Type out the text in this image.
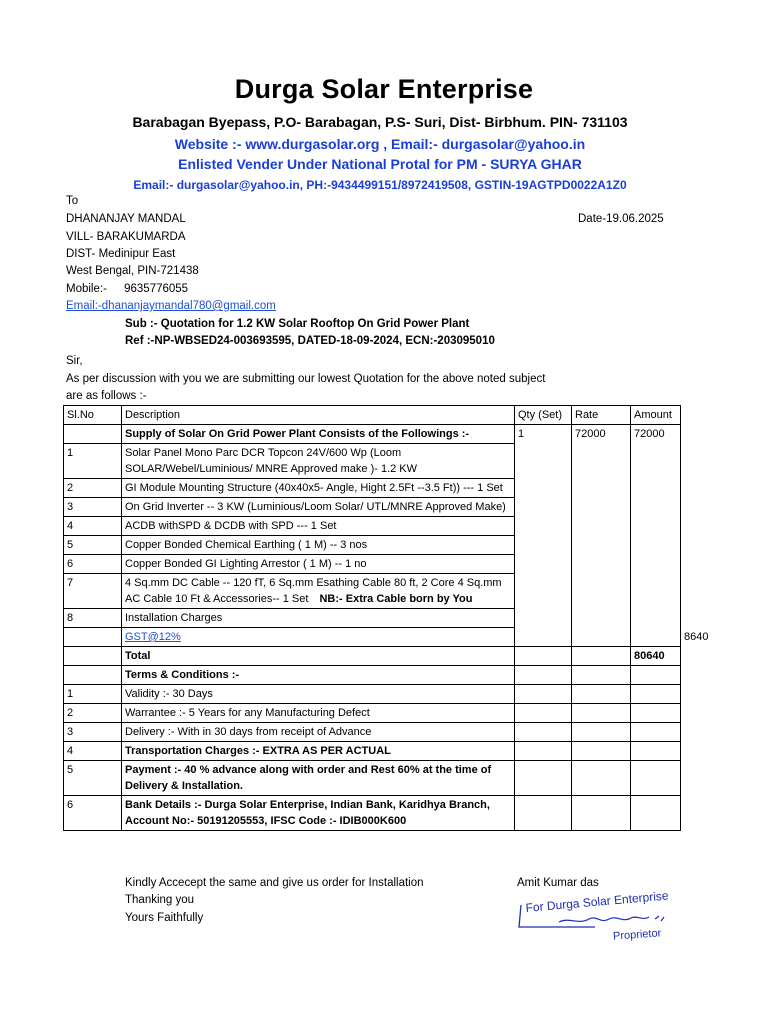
Durga Solar Enterprise
Barabagan Byepass, P.O- Barabagan, P.S- Suri, Dist- Birbhum. PIN- 731103
Website :- www.durgasolar.org , Email:- durgasolar@yahoo.in
Enlisted Vender Under National Protal for PM - SURYA GHAR
Email:- durgasolar@yahoo.in, PH:-9434499151/8972419508, GSTIN-19AGTPD0022A1Z0
To
DHANANJAY MANDAL	Date-19.06.2025
VILL- BARAKUMARDA
DIST- Medinipur East
West Bengal, PIN-721438
Mobile:- 9635776055
Email:-dhananjaymandal780@gmail.com
Sub :- Quotation for 1.2 KW Solar Rooftop On Grid Power Plant
Ref :-NP-WBSED24-003693595, DATED-18-09-2024, ECN:-203095010
Sir,
As per discussion with you we are submitting our lowest Quotation for the above noted subject
are as follows :-
Sl.No	Description	Qty (Set)	Rate	Amount	
	Supply of Solar On Grid Power Plant Consists of the Followings :-	1	72000	72000	
1	Solar Panel Mono Parc DCR Topcon 24V/600 Wp (Loom SOLAR/Webel/Luminious/ MNRE Approved make )- 1.2 KW				
2	GI Module Mounting Structure (40x40x5- Angle, Hight 2.5Ft --3.5 Ft)) --- 1 Set				
3	On Grid Inverter -- 3 KW (Luminious/Loom Solar/ UTL/MNRE Approved Make)				
4	ACDB withSPD & DCDB with SPD --- 1 Set				
5	Copper Bonded Chemical Earthing ( 1 M) -- 3 nos				
6	Copper Bonded GI Lighting Arrestor ( 1 M) -- 1 no				
7	4 Sq.mm DC Cable -- 120 fT, 6 Sq.mm Esathing Cable 80 ft, 2 Core 4 Sq.mm AC Cable 10 Ft & Accessories-- 1 Set NB:- Extra Cable born by You				
8	Installation Charges				
	GST@12%				8640
	Total			80640	
	Terms & Conditions :-				
1	Validity :- 30 Days				
2	Warrantee :- 5 Years for any Manufacturing Defect				
3	Delivery :- With in 30 days from receipt of Advance				
4	Transportation Charges :- EXTRA AS PER ACTUAL				
5	Payment :- 40 % advance along with order and Rest 60% at the time of Delivery & Installation.				
6	Bank Details :- Durga Solar Enterprise, Indian Bank, Karidhya Branch, Account No:- 50191205553, IFSC Code :- IDIB000K600				
Kindly Accecept the same and give us order for Installation
Thanking you
Yours Faithfully
Amit Kumar das
For Durga Solar Enterprise
Proprietor
